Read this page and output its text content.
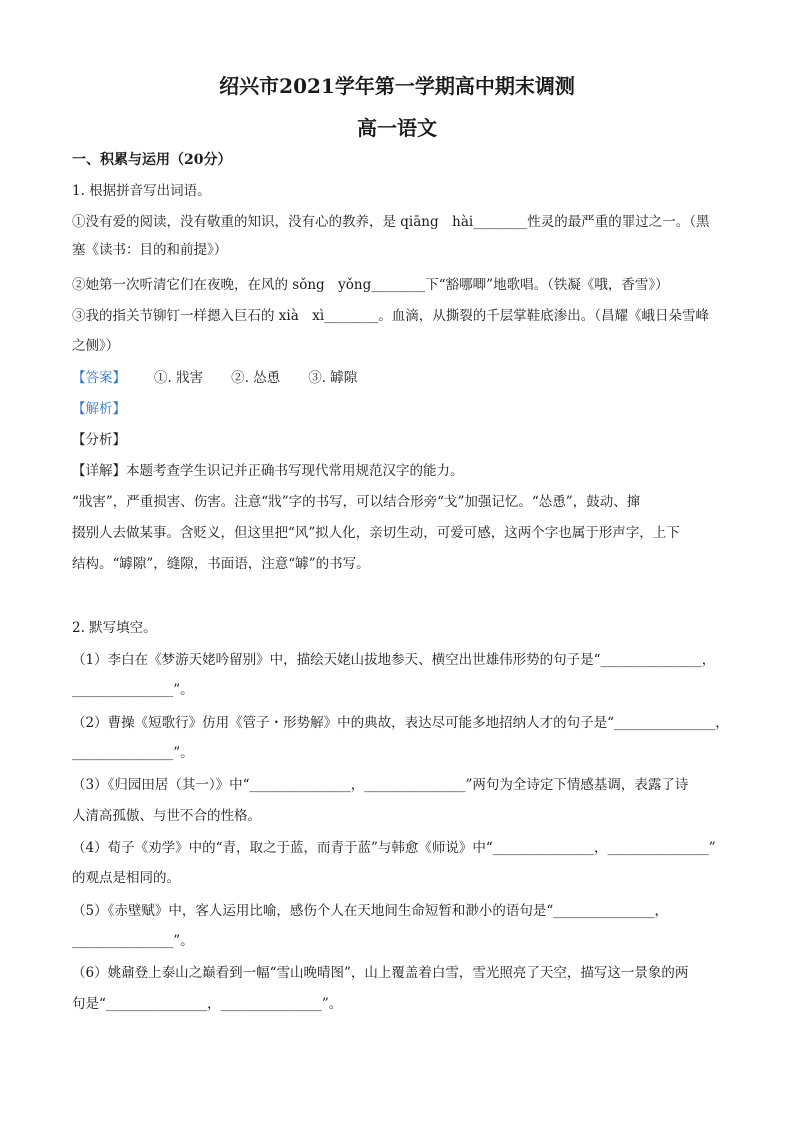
绍兴市2021学年第一学期高中期末调测
高一语文
一、积累与运用（20分）
1. 根据拼音写出词语。
①没有爱的阅读，没有敬重的知识，没有心的教养，是 qiāng　hài________性灵的最严重的罪过之一。（黑
塞《读书：目的和前提》）
②她第一次听清它们在夜晚，在风的 sǒng　yǒng________下“豁哪唧”地歌唱。（铁凝《哦，香雪》）
③我的指关节铆钉一样摁入巨石的 xià　xì________。血滴，从撕裂的千层掌鞋底渗出。（昌耀《峨日朵雪峰
之侧》）
【答案】 ①. 戕害 ②. 怂恿 ③. 罅隙
【解析】
【分析】
【详解】本题考查学生识记并正确书写现代常用规范汉字的能力。
“戕害”，严重损害、伤害。注意“戕”字的书写，可以结合形旁“戈”加强记忆。“怂恿”，鼓动、撺
掇别人去做某事。含贬义，但这里把“风”拟人化，亲切生动，可爱可感，这两个字也属于形声字，上下
结构。“罅隙”，缝隙，书面语，注意“罅”的书写。
2. 默写填空。
（1）李白在《梦游天姥吟留别》中，描绘天姥山拔地参天、横空出世雄伟形势的句子是“_______________，
_______________”。
（2）曹操《短歌行》仿用《管子・形势解》中的典故，表达尽可能多地招纳人才的句子是“_______________，
_______________”。
（3）《归园田居（其一）》中“_______________，_______________”两句为全诗定下情感基调，表露了诗
人清高孤傲、与世不合的性格。
（4）荀子《劝学》中的“青，取之于蓝，而青于蓝”与韩愈《师说》中“_______________，_______________”
的观点是相同的。
（5）《赤壁赋》中，客人运用比喻，感伤个人在天地间生命短暂和渺小的语句是“_______________，
_______________”。
（6）姚鼐登上泰山之巅看到一幅“雪山晚晴图”，山上覆盖着白雪，雪光照亮了天空，描写这一景象的两
句是“_______________，_______________”。
